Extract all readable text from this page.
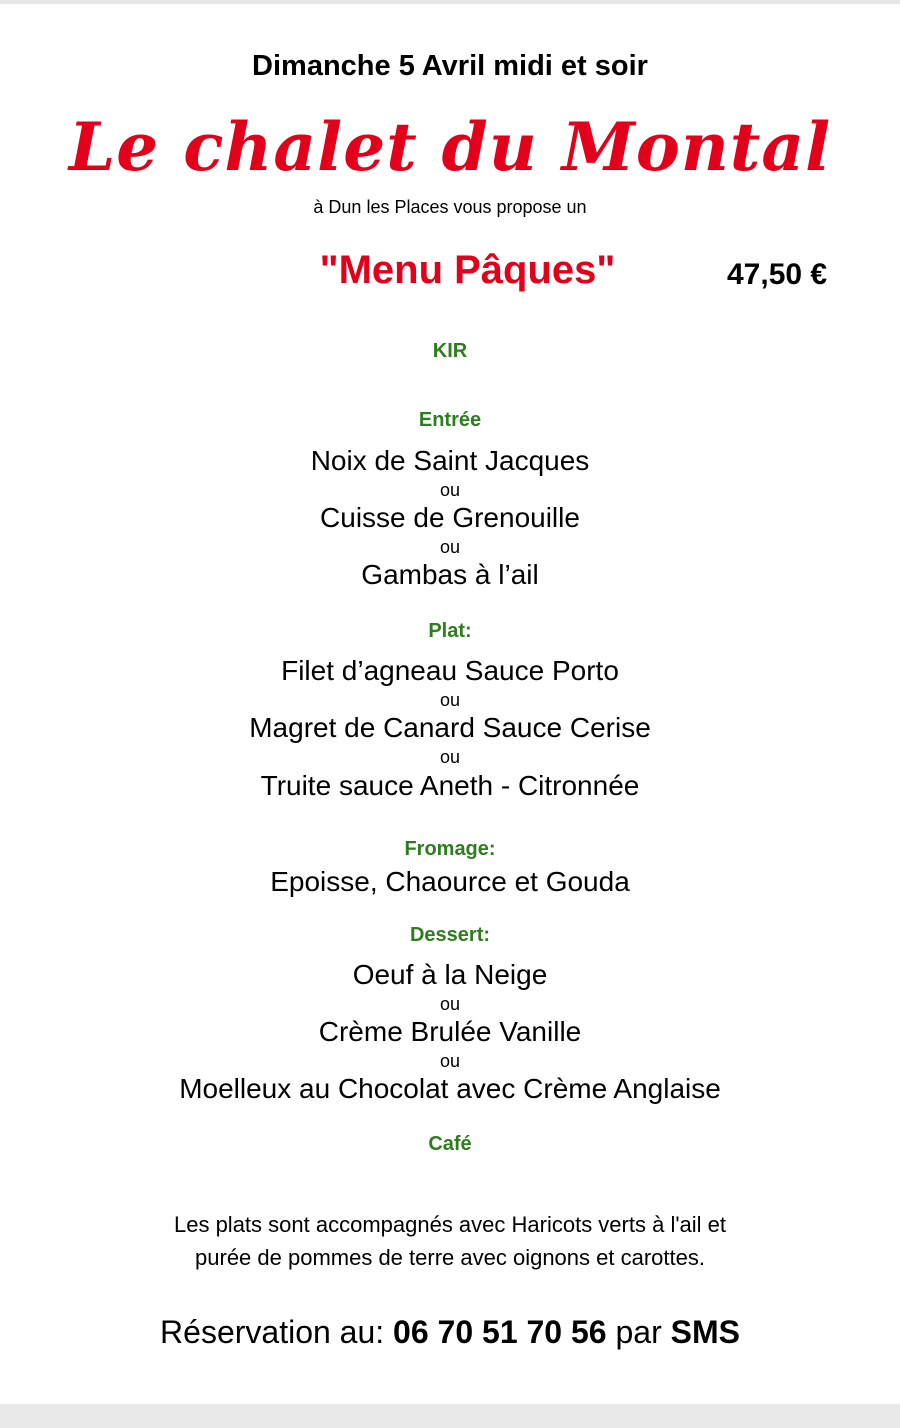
Dimanche 5 Avril midi et soir
Le chalet du Montal
à Dun les Places vous propose un
"Menu Pâques"	47,50 €
KIR
Entrée
Noix de Saint Jacques
ou
Cuisse de Grenouille
ou
Gambas à l’ail
Plat:
Filet d’agneau Sauce Porto
ou
Magret de Canard Sauce Cerise
ou
Truite sauce Aneth - Citronnée
Fromage:
Epoisse, Chaource et Gouda
Dessert:
Oeuf à la Neige
ou
Crème Brulée Vanille
ou
Moelleux au Chocolat avec Crème Anglaise
Café
Les plats sont accompagnés avec Haricots verts à l'ail et
purée de pommes de terre avec oignons et carottes.
Réservation au: 06 70 51 70 56 par SMS
